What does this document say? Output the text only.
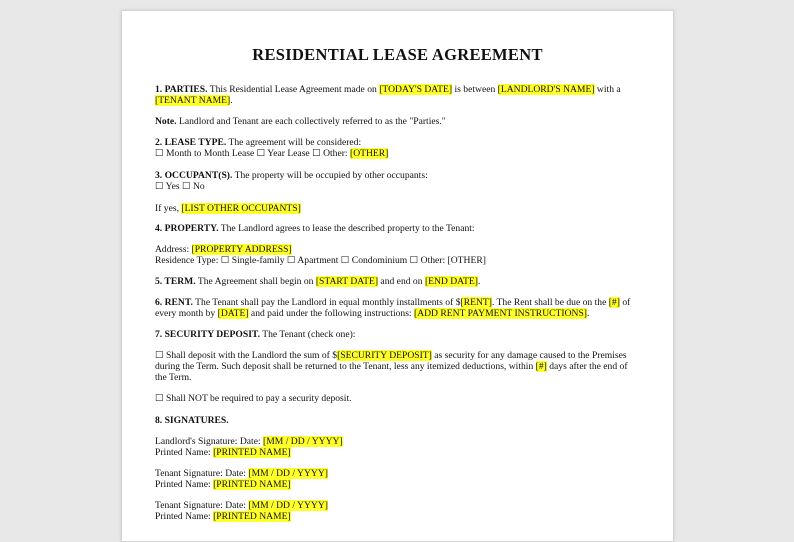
RESIDENTIAL LEASE AGREEMENT
1. PARTIES. This Residential Lease Agreement made on [TODAY'S DATE] is between [LANDLORD'S NAME] with a
[TENANT NAME].
Note. Landlord and Tenant are each collectively referred to as the "Parties."
2. LEASE TYPE. The agreement will be considered:
☐ Month to Month Lease ☐ Year Lease ☐ Other: [OTHER]
3. OCCUPANT(S). The property will be occupied by other occupants:
☐ Yes ☐ No
If yes, [LIST OTHER OCCUPANTS]
4. PROPERTY. The Landlord agrees to lease the described property to the Tenant:
Address: [PROPERTY ADDRESS]
Residence Type: ☐ Single-family ☐ Apartment ☐ Condominium ☐ Other: [OTHER]
5. TERM. The Agreement shall begin on [START DATE] and end on [END DATE].
6. RENT. The Tenant shall pay the Landlord in equal monthly installments of $[RENT]. The Rent shall be due on the [#] of
every month by [DATE] and paid under the following instructions: [ADD RENT PAYMENT INSTRUCTIONS].
7. SECURITY DEPOSIT. The Tenant (check one):
☐ Shall deposit with the Landlord the sum of $[SECURITY DEPOSIT] as security for any damage caused to the Premises
during the Term. Such deposit shall be returned to the Tenant, less any itemized deductions, within [#] days after the end of
the Term.
☐ Shall NOT be required to pay a security deposit.
8. SIGNATURES.
Landlord's Signature: Date: [MM / DD / YYYY]
Printed Name: [PRINTED NAME]
Tenant Signature: Date: [MM / DD / YYYY]
Printed Name: [PRINTED NAME]
Tenant Signature: Date: [MM / DD / YYYY]
Printed Name: [PRINTED NAME]
